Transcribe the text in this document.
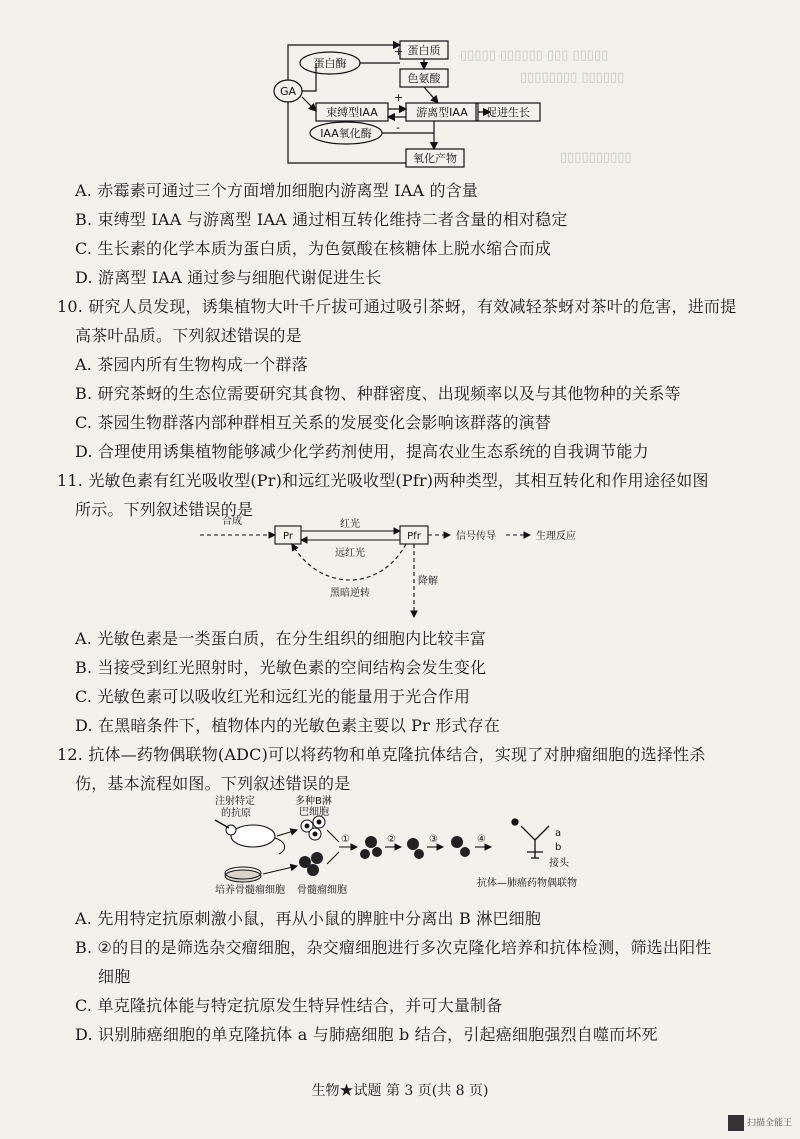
▯▯▯▯▯ ▯▯▯▯▯▯ ▯▯▯ ▯▯▯▯▯
▯▯▯▯▯▯▯▯ ▯▯▯▯▯▯
▯▯▯▯▯▯▯▯▯▯
GA
蛋白质
蛋白酶
色氨酸
束缚型IAA	游离型IAA 促进生长
IAA氧化酶
氧化产物
+
+
-
A. 赤霉素可通过三个方面增加细胞内游离型 IAA 的含量
B. 束缚型 IAA 与游离型 IAA 通过相互转化维持二者含量的相对稳定
C. 生长素的化学本质为蛋白质，为色氨酸在核糖体上脱水缩合而成
D. 游离型 IAA 通过参与细胞代谢促进生长
10. 研究人员发现，诱集植物大叶千斤拔可通过吸引茶蚜，有效减轻茶蚜对茶叶的危害，进而提
高茶叶品质。下列叙述错误的是
A. 茶园内所有生物构成一个群落
B. 研究茶蚜的生态位需要研究其食物、种群密度、出现频率以及与其他物种的关系等
C. 茶园生物群落内部种群相互关系的发展变化会影响该群落的演替
D. 合理使用诱集植物能够减少化学药剂使用，提高农业生态系统的自我调节能力
11. 光敏色素有红光吸收型(Pr)和远红光吸收型(Pfr)两种类型，其相互转化和作用途径如图
所示。下列叙述错误的是
合成
Pr	Pfr
红光
远红光
信号传导	生理反应
降解
黑暗逆转
A. 光敏色素是一类蛋白质，在分生组织的细胞内比较丰富
B. 当接受到红光照射时，光敏色素的空间结构会发生变化
C. 光敏色素可以吸收红光和远红光的能量用于光合作用
D. 在黑暗条件下，植物体内的光敏色素主要以 Pr 形式存在
12. 抗体—药物偶联物(ADC)可以将药物和单克隆抗体结合，实现了对肿瘤细胞的选择性杀
伤，基本流程如图。下列叙述错误的是
注射特定
的抗原
多种B淋
巴细胞
培养骨髓瘤细胞 骨髓瘤细胞
①	②	③	④
a
b
接头
抗体—肺癌药物偶联物
A. 先用特定抗原刺激小鼠，再从小鼠的脾脏中分离出 B 淋巴细胞
B. ②的目的是筛选杂交瘤细胞，杂交瘤细胞进行多次克隆化培养和抗体检测，筛选出阳性
细胞
C. 单克隆抗体能与特定抗原发生特异性结合，并可大量制备
D. 识别肺癌细胞的单克隆抗体 a 与肺癌细胞 b 结合，引起癌细胞强烈自噬而坏死
生物★试题 第 3 页(共 8 页)
扫描全能王
